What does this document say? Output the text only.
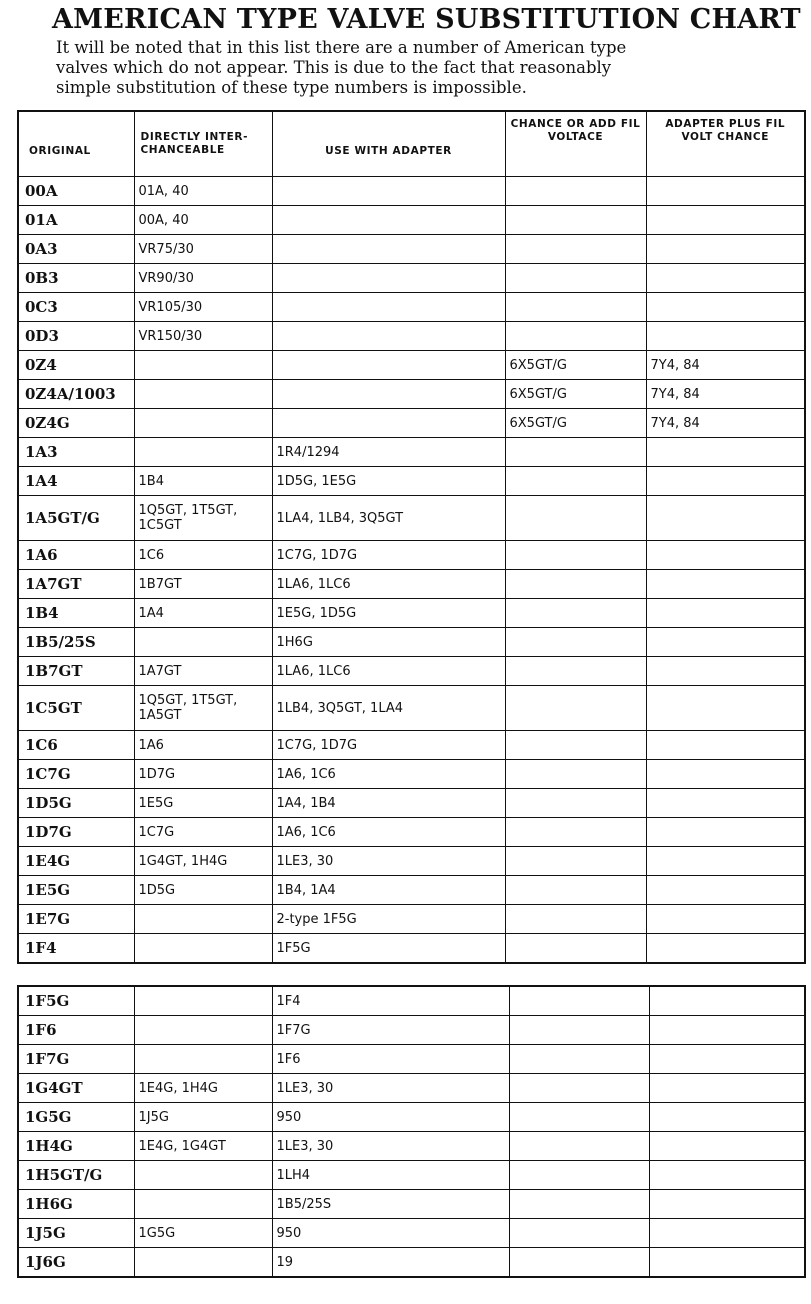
AMERICAN TYPE VALVE SUBSTITUTION CHART
It will be noted that in this list there are a number of American type
valves which do not appear. This is due to the fact that reasonably
simple substitution of these type numbers is impossible.
ORIGINAL	DIRECTLY INTER-CHANCEABLE	USE WITH ADAPTER	CHANCE OR ADD FIL VOLTACE	ADAPTER PLUS FIL VOLT CHANCE
00A	01A, 40			
01A	00A, 40			
0A3	VR75/30			
0B3	VR90/30			
0C3	VR105/30			
0D3	VR150/30			
0Z4			6X5GT/G	7Y4, 84
0Z4A/1003			6X5GT/G	7Y4, 84
0Z4G			6X5GT/G	7Y4, 84
1A3		1R4/1294		
1A4	1B4	1D5G, 1E5G		
1A5GT/G	1Q5GT, 1T5GT, 1C5GT	1LA4, 1LB4, 3Q5GT		
1A6	1C6	1C7G, 1D7G		
1A7GT	1B7GT	1LA6, 1LC6		
1B4	1A4	1E5G, 1D5G		
1B5/25S		1H6G		
1B7GT	1A7GT	1LA6, 1LC6		
1C5GT	1Q5GT, 1T5GT, 1A5GT	1LB4, 3Q5GT, 1LA4		
1C6	1A6	1C7G, 1D7G		
1C7G	1D7G	1A6, 1C6		
1D5G	1E5G	1A4, 1B4		
1D7G	1C7G	1A6, 1C6		
1E4G	1G4GT, 1H4G	1LE3, 30		
1E5G	1D5G	1B4, 1A4		
1E7G		2-type 1F5G		
1F4		1F5G		
1F5G		1F4		
1F6		1F7G		
1F7G		1F6		
1G4GT	1E4G, 1H4G	1LE3, 30		
1G5G	1J5G	950		
1H4G	1E4G, 1G4GT	1LE3, 30		
1H5GT/G		1LH4		
1H6G		1B5/25S		
1J5G	1G5G	950		
1J6G		19		
